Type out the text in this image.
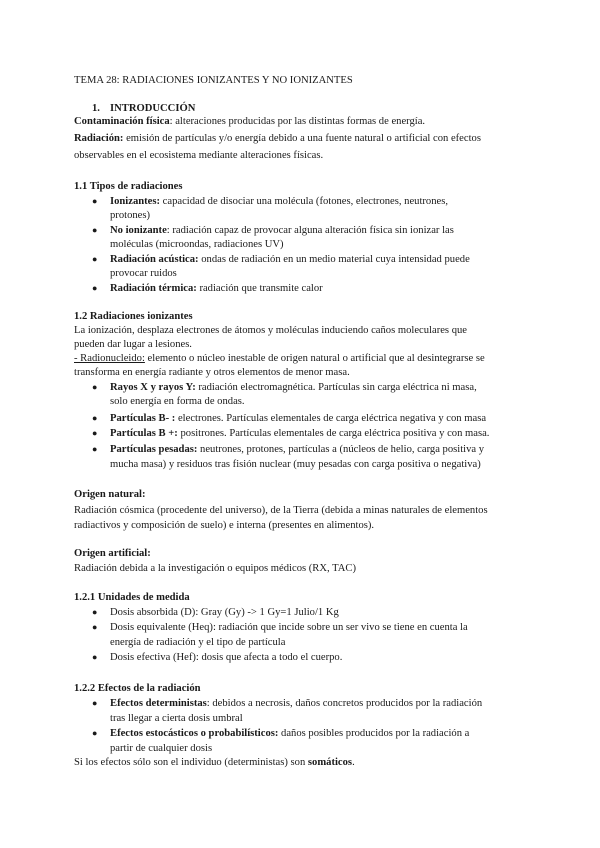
TEMA 28: RADIACIONES IONIZANTES Y NO IONIZANTES
1. INTRODUCCIÓN
Contaminación física: alteraciones producidas por las distintas formas de energía.
Radiación: emisión de partículas y/o energía debido a una fuente natural o artificial con efectos
observables en el ecosistema mediante alteraciones físicas.
1.1 Tipos de radiaciones
● Ionizantes: capacidad de disociar una molécula (fotones, electrones, neutrones,
protones)
● No ionizante: radiación capaz de provocar alguna alteración física sin ionizar las
moléculas (microondas, radiaciones UV)
● Radiación acústica: ondas de radiación en un medio material cuya intensidad puede
provocar ruidos
● Radiación térmica: radiación que transmite calor
1.2 Radiaciones ionizantes
La ionización, desplaza electrones de átomos y moléculas induciendo caños moleculares que
pueden dar lugar a lesiones.
- Radionucleido: elemento o núcleo inestable de origen natural o artificial que al desintegrarse se
transforma en energía radiante y otros elementos de menor masa.
● Rayos X y rayos Y: radiación electromagnética. Partículas sin carga eléctrica ni masa,
solo energía en forma de ondas.
● Partículas B- : electrones. Partículas elementales de carga eléctrica negativa y con masa
● Partículas B +: positrones. Partículas elementales de carga eléctrica positiva y con masa.
● Partículas pesadas: neutrones, protones, partículas a (núcleos de helio, carga positiva y
mucha masa) y residuos tras fisión nuclear (muy pesadas con carga positiva o negativa)
Origen natural:
Radiación cósmica (procedente del universo), de la Tierra (debida a minas naturales de elementos
radiactivos y composición de suelo) e interna (presentes en alimentos).
Origen artificial:
Radiación debida a la investigación o equipos médicos (RX, TAC)
1.2.1 Unidades de medida
● Dosis absorbida (D): Gray (Gy) -> 1 Gy=1 Julio/1 Kg
● Dosis equivalente (Heq): radiación que incide sobre un ser vivo se tiene en cuenta la
energía de radiación y el tipo de partícula
● Dosis efectiva (Hef): dosis que afecta a todo el cuerpo.
1.2.2 Efectos de la radiación
● Efectos deterministas: debidos a necrosis, daños concretos producidos por la radiación
tras llegar a cierta dosis umbral
● Efectos estocásticos o probabilísticos: daños posibles producidos por la radiación a
partir de cualquier dosis
Si los efectos sólo son el individuo (deterministas) son somáticos.
